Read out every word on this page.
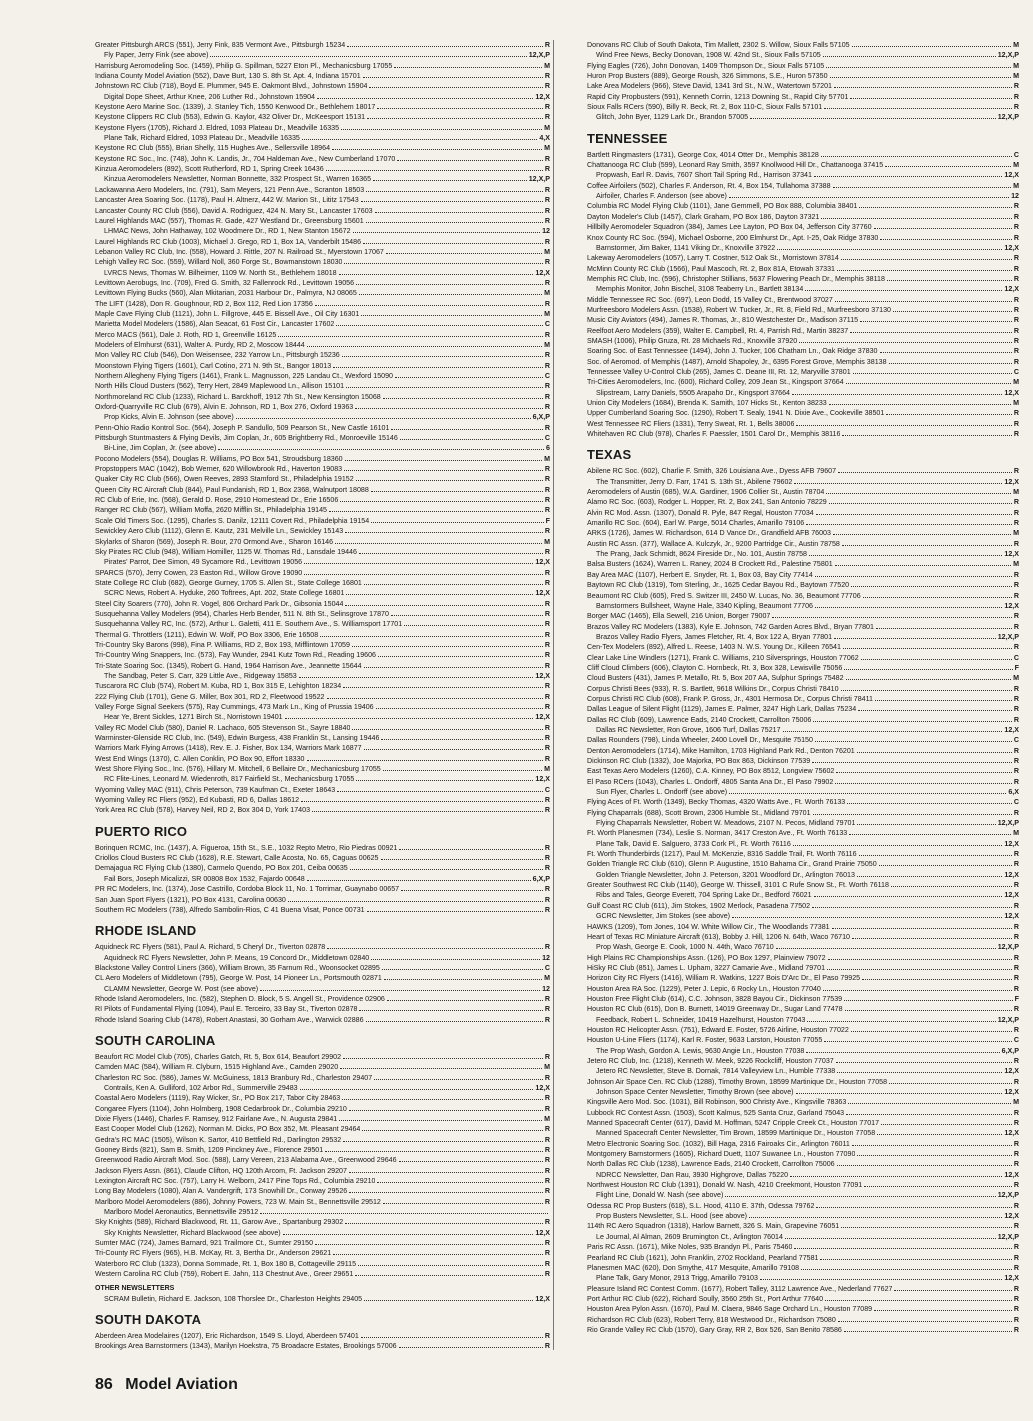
Greater Pittsburgh ARCS (551), Jerry Fink, 835 Vermont Ave., Pittsburgh 15234	R
Fly Paper, Jerry Fink (see above)	12,X,P
Harrisburg Aeromodeling Soc. (1459), Philip G. Spillman, 5227 Eton Pl., Mechanicsburg 17055	M
Indiana County Model Aviation (552), Dave Burt, 130 S. 8th St. Apt. 4, Indiana 15701	R
Johnstown RC Club (718), Boyd E. Plummer, 945 E. Oakmont Blvd., Johnstown 15904	R
Digital Dope Sheet, Arthur Knee, 206 Luther Rd., Johnstown 15904	12,X
Keystone Aero Marine Soc. (1339), J. Stanley Tich, 1550 Kenwood Dr., Bethlehem 18017	R
Keystone Clippers RC Club (553), Edwin G. Kaylor, 432 Oliver Dr., McKeesport 15131	R
Keystone Flyers (1705), Richard J. Eldred, 1093 Plateau Dr., Meadville 16335	M
Plane Talk, Richard Eldred, 1093 Plateau Dr., Meadville 16335	4,X
Keystone RC Club (555), Brian Shelly, 115 Hughes Ave., Sellersville 18964	M
Keystone RC Soc., Inc. (748), John K. Landis, Jr., 704 Haldeman Ave., New Cumberland 17070	R
Kinzua Aeromodelers (892), Scott Rutherford, RD 1, Spring Creek 16436	R
Kinzua Aeromodelers Newsletter, Norman Bonnette, 332 Prospect St., Warren 16365	12,X,P
Lackawanna Aero Modelers, Inc. (791), Sam Meyers, 121 Penn Ave., Scranton 18503	R
Lancaster Area Soaring Soc. (1178), Paul H. Altnerz, 442 W. Marion St., Lititz 17543	R
Lancaster County RC Club (556), David A. Rodriguez, 424 N. Mary St., Lancaster 17603	R
Laurel Highlands MAC (557), Thomas R. Gade, 427 Westland Dr., Greensburg 15601	R
LHMAC News, John Hathaway, 102 Woodmere Dr., RD 1, New Stanton 15672	12
Laurel Highlands RC Club (1003), Michael J. Grego, RD 1, Box 1A, Vanderbilt 15486	R
Lebanon Valley RC Club, Inc. (558), Howard J. Rittle, 207 N. Railroad St., Myerstown 17067	M
Lehigh Valley RC Soc. (559), Willard Noll, 360 Forge St., Bowmanstown 18030	R
LVRCS News, Thomas W. Bilheimer, 1109 W. North St., Bethlehem 18018	12,X
Levittown Aerobugs, Inc. (709), Fred G. Smith, 32 Fallenrock Rd., Levittown 19056	R
Levittown Flying Bucks (560), Alan Mkitarian, 2031 Harbour Dr., Palmyra, NJ 08065	M
The LIFT (1428), Don R. Goughnour, RD 2, Box 112, Red Lion 17356	R
Maple Cave Flying Club (1121), John L. Fillgrove, 445 E. Bissell Ave., Oil City 16301	M
Marietta Model Modelers (1586), Alan Seacat, 61 Fost Cir., Lancaster 17602	C
Merco MACS (561), Dale J. Roth, RD 1, Greenville 16125	R
Modelers of Elmhurst (631), Walter A. Purdy, RD 2, Moscow 18444	M
Mon Valley RC Club (546), Don Weisensee, 232 Yarrow Ln., Pittsburgh 15236	R
Moonstown Flying Tigers (1601), Carl Cotino, 271 N. 9th St., Bangor 18013	R
Northern Allegheny Flying Tigers (1461), Frank L. Magnusson, 225 Landau Ct., Wexford 15090	C
North Hills Cloud Dusters (562), Terry Hert, 2849 Maplewood Ln., Allison 15101	R
Northmoreland RC Club (1233), Richard L. Barckhoff, 1912 7th St., New Kensington 15068	R
Oxford-Quarryville RC Club (679), Alvin E. Johnson, RD 1, Box 276, Oxford 19363	R
Prop Kicks, Alvin E. Johnson (see above)	6,X,P
Penn-Ohio Radio Kontrol Soc. (564), Joseph P. Sandullo, 509 Pearson St., New Castle 16101	R
Pittsburgh Stuntmasters & Flying Devils, Jim Coplan, Jr., 605 Brightberry Rd., Monroeville 15146	C
Bi-Line, Jim Coplan, Jr. (see above)	6
Pocono Modelers (554), Douglas R. Williams, PO Box 541, Stroudsburg 18360	M
Propstoppers MAC (1042), Bob Werner, 620 Willowbrook Rd., Haverton 19083	R
Quaker City RC Club (566), Owen Reeves, 2893 Stamford St., Philadelphia 19152	R
Queen City RC Aircraft Club (844), Paul Fundanish, RD 1, Box 2368, Walnutport 18088	R
RC Club of Erie, Inc. (568), Gerald D. Rose, 2910 Homestead Dr., Erie 16506	R
Ranger RC Club (567), William Moffa, 2620 Mifflin St., Philadelphia 19145	R
Scale Old Timers Soc. (1295), Charles S. Danilz, 12111 Covert Rd., Philadelphia 19154	F
Sewickley Aero Club (1112), Glenn E. Kautz, 231 Melville Ln., Sewickley 15143	R
Skylarks of Sharon (569), Joseph R. Bour, 270 Ormond Ave., Sharon 16146	M
Sky Pirates RC Club (948), William Homiller, 1125 W. Thomas Rd., Lansdale 19446	R
Pirates' Parrot, Dee Simon, 49 Sycamore Rd., Levittown 19056	12,X
SPARCS (570), Jerry Cowen, 23 Easton Rd., Willow Grove 19090	R
State College RC Club (682), George Gurney, 1705 S. Allen St., State College 16801	R
SCRC News, Robert A. Hyduke, 260 Toftrees, Apt. 202, State College 16801	12,X
Steel City Soarers (770), John R. Vogel, 806 Orchard Park Dr., Gibsonia 15044	R
Susquehanna Valley Modelers (954), Charles Herb Bender, 511 N. 8th St., Selinsgrove 17870	R
Susquehanna Valley RC, Inc. (572), Arthur L. Galetti, 411 E. Southern Ave., S. Williamsport 17701	R
Thermal G. Throttlers (1211), Edwin W. Wolf, PO Box 3306, Erie 16508	R
Tri-Country Sky Barons (998), Fina P. Williams, RD 2, Box 193, Mifflintown 17059	R
Tri-Country Wing Snappers, Inc. (573), Fay Wunder, 2941 Kutz Town Rd., Reading 19606	R
Tri-State Soaring Soc. (1345), Robert G. Hand, 1964 Harrison Ave., Jeannette 15644	R
The Sandbag, Peter S. Carr, 329 Little Ave., Ridgeway 15853	12,X
Tuscarora RC Club (574), Robert M. Kuba, RD 1, Box 315 E, Lehighton 18234	R
222 Flying Club (1701), Gene G. Miller, Box 301, RD 2, Fleetwood 19522	R
Valley Forge Signal Seekers (575), Ray Cummings, 473 Mark Ln., King of Prussia 19406	R
Hear Ye, Brent Sickles, 1271 Birch St., Norristown 19401	12,X
Valley RC Model Club (580), Daniel R. Lachaco, 605 Stevenson St., Sayre 18840	R
Warminster-Glenside RC Club, Inc. (549), Edwin Burgess, 438 Franklin St., Lansing 19446	R
Warriors Mark Flying Arrows (1418), Rev. E. J. Fisher, Box 134, Warriors Mark 16877	R
West End Wings (1370), C. Allen Conklin, PO Box 90, Effort 18330	R
West Shore Flying Soc., Inc. (576), Hillary M. Mitchell, 6 Bellaire Dr., Mechanicsburg 17055	M
RC Flite-Lines, Leonard M. Wiedenroth, 817 Fairfield St., Mechanicsburg 17055	12,X
Wyoming Valley MAC (911), Chris Peterson, 739 Kaufman Ct., Exeter 18643	C
Wyoming Valley RC Fliers (952), Ed Kubasti, RD 6, Dallas 18612	R
York Area RC Club (578), Harvey Neil, RD 2, Box 304 D, York 17403	R
PUERTO RICO
Borinquen RCMC, Inc. (1437), A. Figueroa, 15th St., S.E., 1032 Repto Metro, Rio Piedras 00921	R
Criollos Cloud Busters RC Club (1628), R.E. Stewart, Calle Acosta, No. 65, Caguas 00625	R
Demajagua RC Flying Club (1380), Carmelo Quendo, PO Box 201, Ceiba 00635	R
Fail Bors, Joseph Micalizzi, SR 00808 Box 1532, Fajardo 00648	6,X,P
PR RC Modelers, Inc. (1374), Jose Castrillo, Cordoba Block 11, No. 1 Torrimar, Guaynabo 00657	R
San Juan Sport Flyers (1321), PO Box 4131, Carolina 00630	R
Southern RC Modelers (738), Alfredo Sambolin-Rios, C 41 Buena Visat, Ponce 00731	R
RHODE ISLAND
Aquidneck RC Flyers (581), Paul A. Richard, 5 Cheryl Dr., Tiverton 02878	R
Aquidneck RC Flyers Newsletter, John P. Means, 19 Concord Dr., Middletown 02840	12
Blackstone Valley Control Liners (366), William Brown, 35 Farnum Rd., Woonsocket 02895	C
CL Aero Modelers of Middletown (795), George W. Post, 14 Pioneer Ln., Portsmouth 02871	M
CLAMM Newsletter, George W. Post (see above)	12
Rhode Island Aeromodelers, Inc. (582), Stephen D. Block, 5 S. Angell St., Providence 02906	R
RI Pilots of Fundamental Flying (1094), Paul E. Terceiro, 33 Bay St., Tiverton 02878	R
Rhode Island Soaring Club (1478), Robert Anastasi, 30 Gorham Ave., Warwick 02886	R
SOUTH CAROLINA
Beaufort RC Model Club (705), Charles Gatch, Rt. 5, Box 614, Beaufort 29902	R
Camden MAC (584), William R. Clyburn, 1515 Highland Ave., Camden 29020	M
Charleston RC Soc. (586), James W. McGuiness, 1813 Branbury Rd., Charleston 29407	R
Contrails, Ken A. Gulliford, 102 Arbor Rd., Summerville 29483	12,X
Coastal Aero Modelers (1119), Ray Wicker, Sr., PO Box 217, Tabor City 28463	R
Congaree Flyers (1104), John Holmberg, 1908 Cedarbrook Dr., Columbia 29210	R
Dixie Flyers (1446), Charles F. Ramsey, 912 Fairlane Ave., N. Augusta 29841	M
East Cooper Model Club (1262), Norman M. Dicks, PO Box 352, Mt. Pleasant 29464	R
Gedra's RC MAC (1505), Wilson K. Sartor, 410 Bettfield Rd., Darlington 29532	R
Gooney Birds (821), Sam B. Smith, 1209 Pinckney Ave., Florence 29501	R
Greenwood Radio Aircraft Mod. Soc. (588), Larry Vereen, 213 Alabama Ave., Greenwood 29646	R
Jackson Flyers Assn. (861), Claude Clifton, HQ 120th Arcom, Ft. Jackson 29207	R
Lexington Aircraft RC Soc. (757), Larry H. Welborn, 2417 Pine Tops Rd., Columbia 29210	R
Long Bay Modelers (1080), Alan A. Vandergrift, 173 Snowhill Dr., Conway 29526	R
Marlboro Model Aeromodelers (886), Johnny Powers, 723 W. Main St., Bennettsville 29512	R
Marlboro Model Aeronautics, Bennettsville 29512
Sky Knights (589), Richard Blackwood, Rt. 11, Garow Ave., Spartanburg 29302	R
Sky Knights Newsletter, Richard Blackwood (see above)	12,X
Sumter MAC (724), James Barnard, 921 Trailmore Ct., Sumter 29150	R
Tri-County RC Flyers (965), H.B. McKay, Rt. 3, Bertha Dr., Anderson 29621	R
Waterboro RC Club (1323), Donna Sommade, Rt. 1, Box 180 B, Cottageville 29115	R
Western Carolina RC Club (759), Robert E. Jahn, 113 Chestnut Ave., Greer 29651	R
OTHER NEWSLETTERS
SCRAM Bulletin, Richard E. Jackson, 108 Thorslee Dr., Charleston Heights 29405	12,X
SOUTH DAKOTA
Aberdeen Area Modelaires (1207), Eric Richardson, 1549 S. Lloyd, Aberdeen 57401	R
Brookings Area Barnstormers (1343), Marilyn Hoekstra, 75 Broadacre Estates, Brookings 57006	R
Donovans RC Club of South Dakota, Tim Mallett, 2302 S. Willow, Sioux Falls 57105	M
Wind Free News, Becky Donovan, 1908 W. 42nd St., Sioux Falls 57105	12,X,P
Flying Eagles (726), John Donovan, 1409 Thompson Dr., Sioux Falls 57105	M
Huron Prop Busters (889), George Roush, 326 Simmons, S.E., Huron 57350	M
Lake Area Modelers (966), Steve David, 1341 3rd St., N.W., Watertown 57201	R
Rapid City Propbusters (591), Kenneth Corrin, 1213 Downing St., Rapid City 57701	R
Sioux Falls RCers (590), Billy R. Beck, Rt. 2, Box 110-C, Sioux Falls 57101	R
Glitch, John Byer, 1129 Lark Dr., Brandon 57005	12,X,P
TENNESSEE
Bartlett Ringmasters (1731), George Cox, 4014 Otter Dr., Memphis 38128	C
Chattanooga RC Club (599), Leonard Ray Smith, 3597 Knollwood Hill Dr., Chattanooga 37415	M
Propwash, Earl R. Davis, 7607 Short Tail Spring Rd., Harrison 37341	12,X
Coffee Airfoilers (502), Charles F. Anderson, Rt. 4, Box 154, Tullahoma 37388	M
Airfoiler, Charles F. Anderson (see above)	12
Columbia RC Model Flying Club (1101), Jane Gemmell, PO Box 888, Columbia 38401	R
Dayton Modeler's Club (1457), Clark Graham, PO Box 186, Dayton 37321	R
Hillbilly Aeromodeler Squadron (384), James Lee Layton, PO Box 04, Jefferson City 37760	R
Knox County RC Soc. (594), Michael Osborne, 200 Elmhurst Dr., Apt. I-25, Oak Ridge 37830	R
Barnstormer, Jim Baker, 1141 Viking Dr., Knoxville 37922	12,X
Lakeway Aeromodelers (1057), Larry T. Costner, 512 Oak St., Morristown 37814	R
McMinn County RC Club (1566), Paul Mascoch, Rt. 2, Box 81A, Etowah 37331	R
Memphis RC Club, Inc. (596), Christopher Stillians, 5637 Flowering Peach Dr., Memphis 38118	R
Memphis Monitor, John Bischel, 3108 Teaberry Ln., Bartlett 38134	12,X
Middle Tennessee RC Soc. (697), Leon Dodd, 15 Valley Ct., Brentwood 37027	R
Murfreesboro Modelers Assn. (1538), Robert W. Tucker, Jr., Rt. 8, Field Rd., Murfreesboro 37130	R
Music City Aviators (494), James R. Thomas, Jr., 810 Westchester Dr., Madison 37115	R
Reelfoot Aero Modelers (359), Walter E. Campbell, Rt. 4, Parrish Rd., Martin 38237	R
SMASH (1006), Philip Gruza, Rt. 28 Michaels Rd., Knoxville 37920	R
Soaring Soc. of East Tennessee (1494), John J. Tucker, 106 Chatham Ln., Oak Ridge 37830	R
Soc. of Aeromod. of Memphis (1487), Arnold Shapoley, Jr., 6395 Forest Grove, Memphis 38138	R
Tennessee Valley U-Control Club (265), James C. Deane III, Rt. 12, Maryville 37801	C
Tri-Cities Aeromodelers, Inc. (600), Richard Colley, 209 Jean St., Kingsport 37664	M
Slipstream, Larry Daniels, 5505 Arapaho Dr., Kingsport 37664	12,X
Union City Modelers (1684), Brenda K. Samith, 107 Hicks St., Kenton 38233	M
Upper Cumberland Soaring Soc. (1290), Robert T. Sealy, 1941 N. Dixie Ave., Cookeville 38501	R
West Tennessee RC Fliers (1331), Terry Sweat, Rt. 1, Bells 38006	R
Whitehaven RC Club (978), Charles F. Paessler, 1501 Carol Dr., Memphis 38116	R
TEXAS
Abilene RC Soc. (602), Charlie F. Smith, 326 Louisiana Ave., Dyess AFB 79607	R
The Transmitter, Jerry D. Farr, 1741 S. 13th St., Abilene 79602	12,X
Aeromodelers of Austin (685), W.A. Gardiner, 1906 Collier St., Austin 78704	M
Alamo RC Soc. (603), Rodger L. Hopper, Rt. 2, Box 241, San Antonio 78229	R
Alvin RC Mod. Assn. (1307), Donald R. Pyle, 847 Regal, Houston 77034	R
Amarillo RC Soc. (604), Earl W. Parge, 5014 Charles, Amarillo 79106	R
ARKS (1726), James W. Richardson, 614 D Vance Dr., Grandfield AFB 76003	M
Austin RC Assn. (377), Wallace A. Kulczyk, Jr., 9200 Partridge Cir., Austin 78758	R
The Prang, Jack Schmidt, 8624 Fireside Dr., No. 101, Austin 78758	12,X
Balsa Busters (1624), Warren L. Raney, 2024 B Crockett Rd., Palestine 75801	M
Bay Area MAC (1107), Herbert E. Snyder, Rt. 1, Box 03, Bay City 77414	R
Baytown RC Club (1319), Tom Sterling, Jr., 1625 Cedar Bayou Rd., Baytown 77520	R
Beaumont RC Club (605), Fred S. Switzer III, 2450 W. Lucas, No. 36, Beaumont 77706	R
Barnstormers Bullsheet, Wayne Hale, 3340 Kipling, Beaumont 77706	12,X
Borger MAC (1465), Ella Sewell, 216 Union, Borger 79007	R
Brazos Valley RC Modelers (1383), Kyle E. Johnson, 742 Garden Acres Blvd., Bryan 77801	R
Brazos Valley Radio Flyers, James Fletcher, Rt. 4, Box 122 A, Bryan 77801	12,X,P
Cen-Tex Modelers (892), Alfred L. Reese, 1403 N. W.S. Young Dr., Killeen 76541	R
Clear Lake Line Windlers (1271), Frank C. Williams, 210 Silversprings, Houston 77062	C
Cliff Cloud Climbers (606), Clayton C. Hornbeck, Rt. 3, Box 328, Lewisville 75056	F
Cloud Busters (431), James P. Metallo, Rt. 5, Box 207 AA, Sulphur Springs 75482	M
Corpus Christi Bees (933), R. S. Bartlett, 9618 Wilkins Dr., Corpus Christi 78410	R
Corpus Christi RC Club (608), Frank P. Gross, Jr., 4301 Hermosa Dr., Corpus Christi 78411	R
Dallas League of Silent Flight (1129), James E. Palmer, 3247 High Lark, Dallas 75234	R
Dallas RC Club (609), Lawrence Eads, 2140 Crockett, Carrollton 75006	R
Dallas RC Newsletter, Ron Grove, 1606 Turf, Dallas 75217	12,X
Dallas Rounders (798), Linda Wheeler, 2400 Lovell Dr., Mesquite 75150	C
Denton Aeromodelers (1714), Mike Hamilton, 1703 Highland Park Rd., Denton 76201	R
Dickinson RC Club (1332), Joe Majorka, PO Box 863, Dickinson 77539	R
East Texas Aero Modelers (1260), C.A. Kinney, PO Box 8512, Longview 75602	R
El Paso RCers (1043), Charles L. Ondorff, 4805 Santa Ana Dr., El Paso 79902	R
Sun Flyer, Charles L. Ondorff (see above)	6,X
Flying Aces of Ft. Worth (1349), Becky Thomas, 4320 Watts Ave., Ft. Worth 76133	C
Flying Chaparrals (688), Scott Brown, 2306 Humble St., Midland 79701	R
Flying Chaparrals Newsletter, Robert W. Meadows, 2107 N. Pecos, Midland 79701	12,X,P
Ft. Worth Planesmen (734), Leslie S. Norman, 3417 Creston Ave., Ft. Worth 76133	M
Plane Talk, David E. Salguero, 3733 Cork Pl., Ft. Worth 76116	12,X
Ft. Worth Thunderbirds (1217), Paul M. McKenzie, 8316 Saddle Trail, Ft. Worth 76116	R
Golden Triangle RC Club (610), Glenn P. Augustine, 1510 Bahama Cir., Grand Prairie 75050	R
Golden Triangle Newsletter, John J. Peterson, 3201 Woodford Dr., Arlington 76013	12,X
Greater Southwest RC Club (1140), George W. Thissell, 3101 C Rufe Snow St., Ft. Worth 76118	R
Ribs and Tales, George Everett, 704 Spring Lake Dr., Bedford 76021	12,X
Gulf Coast RC Club (611), Jim Stokes, 1902 Merlock, Pasadena 77502	R
GCRC Newsletter, Jim Stokes (see above)	12,X
HAWKS (1209), Tom Jones, 104 W. White Willow Cir., The Woodlands 77381	R
Heart of Texas RC Miniature Aircraft (613), Bobby J. Hill, 1206 N. 64th, Waco 76710	R
Prop Wash, George E. Cook, 1000 N. 44th, Waco 76710	12,X,P
High Plains RC Championships Assn. (126), PO Box 1297, Plainview 79072	R
HiSky RC Club (851), James L. Upham, 3227 Camarie Ave., Midland 79701	R
Horizon City RC Flyers (1416), William R. Watkins, 1227 Bois D'Arc Dr., El Paso 79925	R
Houston Area RA Soc. (1229), Peter J. Lepic, 6 Rocky Ln., Houston 77040	R
Houston Free Flight Club (614), C.C. Johnson, 3828 Bayou Cir., Dickinson 77539	F
Houston RC Club (615), Don B. Burnett, 14019 Greenway Dr., Sugar Land 77478	R
Feedback, Robert L. Schneider, 10419 Hazelhurst, Houston 77043	12,X,P
Houston RC Helicopter Assn. (751), Edward E. Foster, 5726 Airline, Houston 77022	R
Houston U-Line Fliers (1174), Karl R. Foster, 9633 Larston, Houston 77055	C
The Prop Wash, Gordon A. Lewis, 9630 Angie Ln., Houston 77038	6,X,P
Jetero RC Club, Inc. (1218), Kenneth W. Meek, 9226 Rockcliff, Houston 77037	R
Jetero RC Newsletter, Steve B. Dornak, 7814 Valleyview Ln., Humble 77338	12,X
Johnson Air Space Cen. RC Club (1288), Timothy Brown, 18599 Martinique Dr., Houston 77058	R
Johnson Space Center Newsletter, Timothy Brown (see above)	12,X
Kingsville Aero Mod. Soc. (1031), Bill Robinson, 900 Christy Ave., Kingsville 78363	M
Lubbock RC Contest Assn. (1503), Scott Kalmus, 525 Santa Cruz, Garland 75043	R
Manned Spacecraft Center (617), David M. Hoffman, 5247 Cripple Creek Ct., Houston 77017	R
Manned Spacecraft Center Newsletter, Tim Brown, 18599 Martinique Dr., Houston 77058	12,X
Metro Electronic Soaring Soc. (1032), Bill Haga, 2316 Fairoaks Cir., Arlington 76011	R
Montgomery Barnstormers (1605), Richard Duett, 1107 Suwanee Ln., Houston 77090	R
North Dallas RC Club (1238), Lawrence Eads, 2140 Crockett, Carrollton 75006	R
NDRCC Newsletter, Dan Rau, 3930 Highgrove, Dallas 75220	12,X
Northwest Houston RC Club (1391), Donald W. Nash, 4210 Creekmont, Houston 77091	R
Flight Line, Donald W. Nash (see above)	12,X,P
Odessa RC Prop Busters (618), S.L. Hood, 4110 E. 37th, Odessa 79762	R
Prop Busters Newsletter, S.L. Hood (see above)	12,X
114th RC Aero Squadron (1318), Harlow Barnett, 326 S. Main, Grapevine 76051	R
Le Journal, Al Alman, 2609 Brumington Ct., Arlington 76014	12,X,P
Paris RC Assn. (1671), Mike Noles, 935 Brandyn Pl., Paris 75460	R
Pearland RC Club (1621), John Franklin, 2702 Rockland, Pearland 77581	R
Planesmen MAC (620), Don Smythe, 417 Mesquite, Amarillo 79108	R
Plane Talk, Gary Monor, 2913 Trigg, Amarillo 79103	12,X
Pleasure Island RC Contest Comm. (1677), Robert Talley, 3112 Lawrence Ave., Nederland 77627	R
Port Arthur RC Club (622), Richard Soully, 3560 25th St., Port Arthur 77640	R
Houston Area Pylon Assn. (1670), Paul M. Claera, 9846 Sage Orchard Ln., Houston 77089	R
Richardson RC Club (623), Robert Terry, 818 Westwood Dr., Richardson 75080	R
Rio Grande Valley RC Club (1570), Gary Gray, RR 2, Box 526, San Benito 78586	R
86 Model Aviation
